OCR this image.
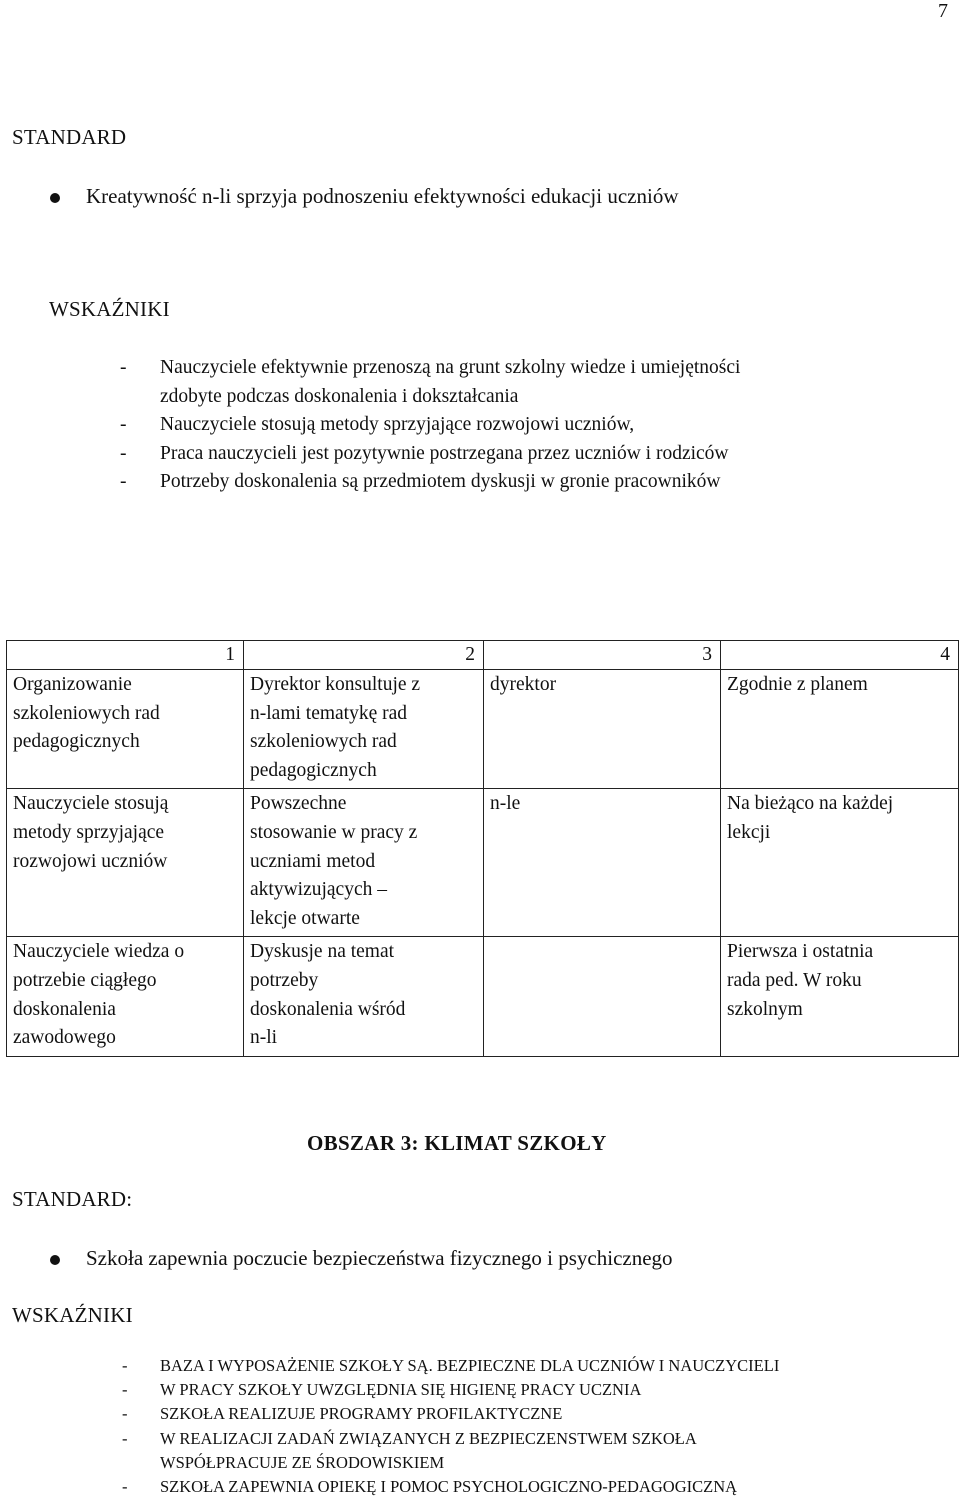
7
STANDARD
Kreatywność n-li sprzyja podnoszeniu efektywności edukacji uczniów
WSKAŹNIKI
- Nauczyciele efektywnie przenoszą na grunt szkolny wiedze i umiejętności
zdobyte podczas doskonalenia i dokształcania
- Nauczyciele stosują metody sprzyjające rozwojowi uczniów,
- Praca nauczycieli jest pozytywnie postrzegana przez uczniów i rodziców
- Potrzeby doskonalenia są przedmiotem dyskusji w gronie pracowników
1	2	3	4

Organizowanie
szkoleniowych rad
pedagogicznych	Dyrektor konsultuje z
n-lami tematykę rad
szkoleniowych rad
pedagogicznych	dyrektor	Zgodnie z planem

Nauczyciele stosują
metody sprzyjające
rozwojowi uczniów	Powszechne
stosowanie w pracy z
uczniami metod
aktywizujących –
lekcje otwarte	n-le	Na bieżąco na każdej
lekcji

Nauczyciele wiedza o
potrzebie ciągłego
doskonalenia
zawodowego	Dyskusje na temat
potrzeby
doskonalenia wśród
n-li		Pierwsza i ostatnia
rada ped. W roku
szkolnym
OBSZAR 3: KLIMAT SZKOŁY
STANDARD:
Szkoła zapewnia poczucie bezpieczeństwa fizycznego i psychicznego
WSKAŹNIKI
- BAZA I WYPOSAŻENIE SZKOŁY SĄ. BEZPIECZNE DLA UCZNIÓW I NAUCZYCIELI
- W PRACY SZKOŁY UWZGLĘDNIA SIĘ HIGIENĘ PRACY UCZNIA
- SZKOŁA REALIZUJE PROGRAMY PROFILAKTYCZNE
- W REALIZACJI ZADAŃ ZWIĄZANYCH Z BEZPIECZENSTWEM SZKOŁA
WSPÓŁPRACUJE ZE ŚRODOWISKIEM
- SZKOŁA ZAPEWNIA OPIEKĘ I POMOC PSYCHOLOGICZNO-PEDAGOGICZNĄ
